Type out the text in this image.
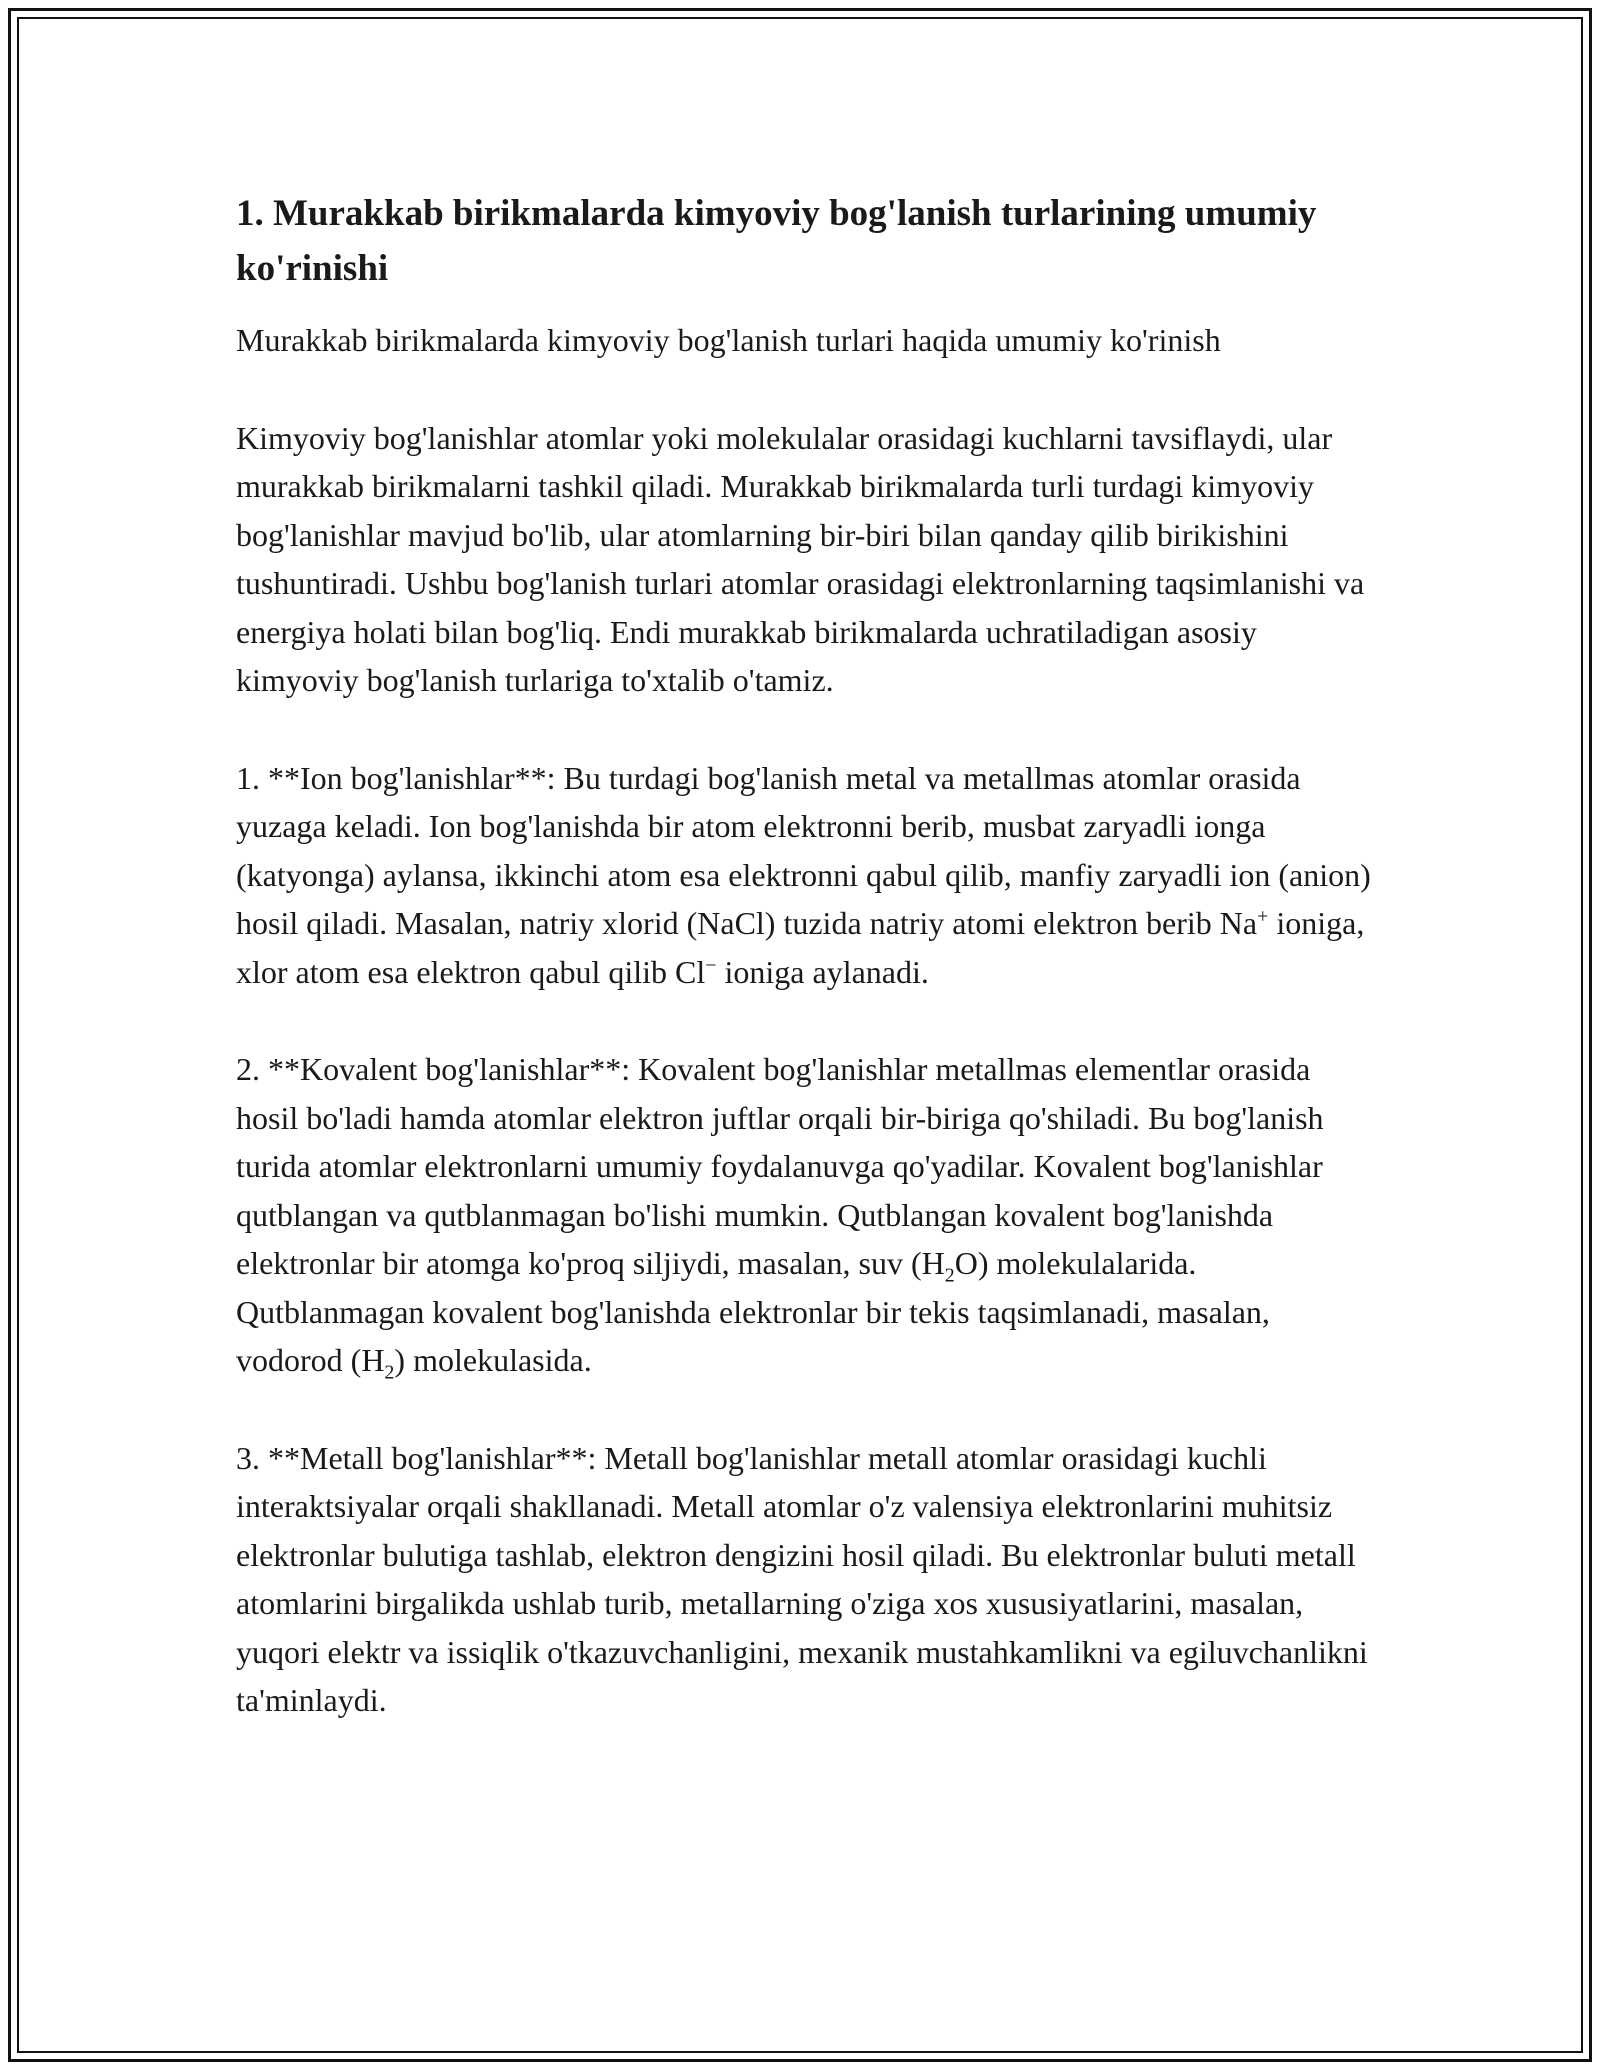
1. Murakkab birikmalarda kimyoviy bog'lanish turlarining umumiy ko'rinishi

Murakkab birikmalarda kimyoviy bog'lanish turlari haqida umumiy ko'rinish

Kimyoviy bog'lanishlar atomlar yoki molekulalar orasidagi kuchlarni tavsiflaydi, ular murakkab birikmalarni tashkil qiladi. Murakkab birikmalarda turli turdagi kimyoviy bog'lanishlar mavjud bo'lib, ular atomlarning bir-biri bilan qanday qilib birikishini tushuntiradi. Ushbu bog'lanish turlari atomlar orasidagi elektronlarning taqsimlanishi va energiya holati bilan bog'liq. Endi murakkab birikmalarda uchratiladigan asosiy kimyoviy bog'lanish turlariga to'xtalib o'tamiz.

1. **Ion bog'lanishlar**: Bu turdagi bog'lanish metal va metallmas atomlar orasida yuzaga keladi. Ion bog'lanishda bir atom elektronni berib, musbat zaryadli ionga (katyonga) aylansa, ikkinchi atom esa elektronni qabul qilib, manfiy zaryadli ion (anion) hosil qiladi. Masalan, natriy xlorid (NaCl) tuzida natriy atomi elektron berib Na+ ioniga, xlor atom esa elektron qabul qilib Cl− ioniga aylanadi.

2. **Kovalent bog'lanishlar**: Kovalent bog'lanishlar metallmas elementlar orasida hosil bo'ladi hamda atomlar elektron juftlar orqali bir-biriga qo'shiladi. Bu bog'lanish turida atomlar elektronlarni umumiy foydalanuvga qo'yadilar. Kovalent bog'lanishlar qutblangan va qutblanmagan bo'lishi mumkin. Qutblangan kovalent bog'lanishda elektronlar bir atomga ko'proq siljiydi, masalan, suv $(H_2O)$ molekulalarida. Qutblanmagan kovalent bog'lanishda elektronlar bir tekis taqsimlanadi, masalan, vodorod $(H_2)$ molekulasida.

3. **Metall bog'lanishlar**: Metall bog'lanishlar metall atomlar orasidagi kuchli interaktsiyalar orqali shakllanadi. Metall atomlar o'z valensiya elektronlarini muhitsiz elektronlar bulutiga tashlab, elektron dengizini hosil qiladi. Bu elektronlar buluti metall atomlarini birgalikda ushlab turib, metallarning o'ziga xos xususiyatlarini, masalan, yuqori elektr va issiqlik o'tkazuvchanligini, mexanik mustahkamlikni va egiluvchanlikni ta'minlaydi.
